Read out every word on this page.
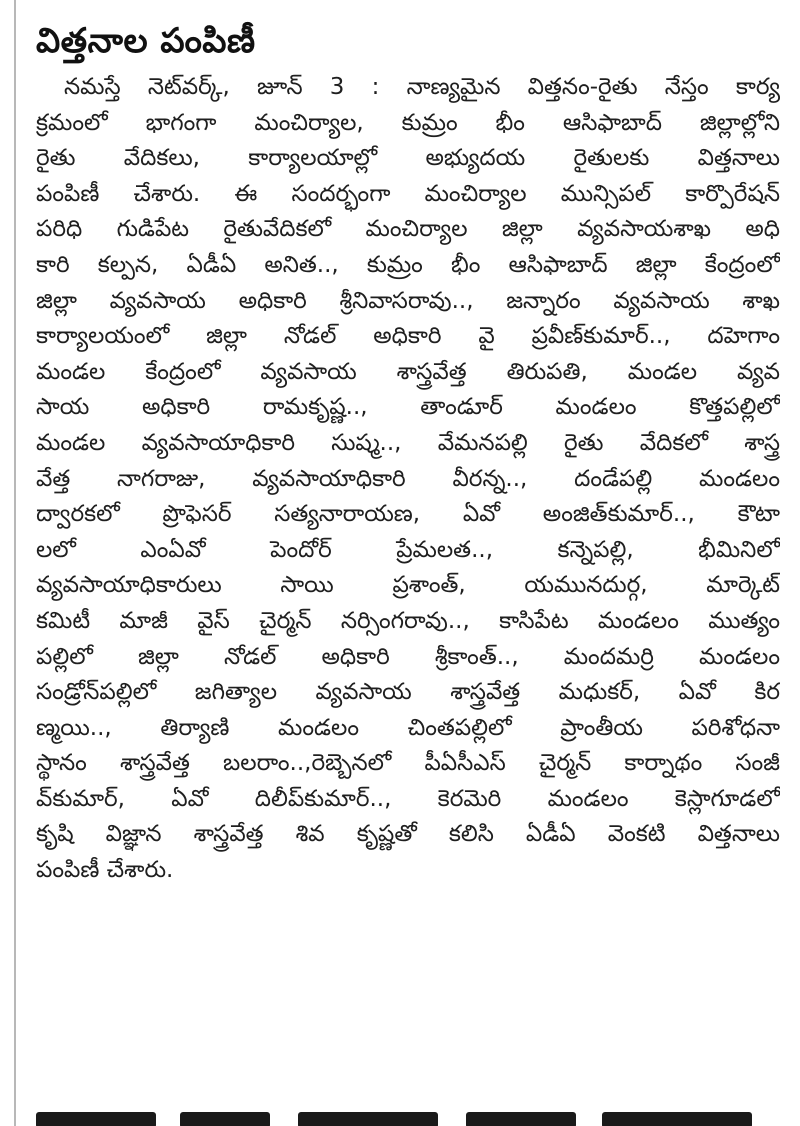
విత్తనాల పంపిణీ
నమస్తే నెట్‌వర్క్‌, జూన్‌ 3 : నాణ్యమైన విత్తనం-రైతు నేస్తం కార్య
క్రమంలో భాగంగా మంచిర్యాల, కుమ్రం భీం ఆసిఫాబాద్‌ జిల్లాల్లోని
రైతు వేదికలు, కార్యాలయాల్లో అభ్యుదయ రైతులకు విత్తనాలు
పంపిణీ చేశారు. ఈ సందర్భంగా మంచిర్యాల మున్సిపల్‌ కార్పొరేషన్‌
పరిధి గుడిపేట రైతువేదికలో మంచిర్యాల జిల్లా వ్యవసాయశాఖ అధి
కారి కల్పన, ఏడీఏ అనిత.., కుమ్రం భీం ఆసిఫాబాద్‌ జిల్లా కేంద్రంలో
జిల్లా వ్యవసాయ అధికారి శ్రీనివాసరావు.., జన్నారం వ్యవసాయ శాఖ
కార్యాలయంలో జిల్లా నోడల్‌ అధికారి వై ప్రవీణ్‌కుమార్‌.., దహెగాం
మండల కేంద్రంలో వ్యవసాయ శాస్త్రవేత్త తిరుపతి, మండల వ్యవ
సాయ అధికారి రామకృష్ణ.., తాండూర్‌ మండలం కొత్తపల్లిలో
మండల వ్యవసాయాధికారి సుష్మ.., వేమనపల్లి రైతు వేదికలో శాస్త్ర
వేత్త నాగరాజు, వ్యవసాయాధికారి వీరన్న.., దండేపల్లి మండలం
ద్వారకలో ప్రొఫెసర్‌ సత్యనారాయణ, ఏవో అంజిత్‌కుమార్‌.., కౌటా
లలో ఎంఏవో పెందోర్‌ ప్రేమలత.., కన్నెపల్లి, భీమినిలో
వ్యవసాయాధికారులు సాయి ప్రశాంత్‌, యమునదుర్గ, మార్కెట్‌
కమిటీ మాజీ వైస్‌ చైర్మన్‌ నర్సింగరావు.., కాసిపేట మండలం ముత్యం
పల్లిలో జిల్లా నోడల్‌ అధికారి శ్రీకాంత్‌.., మందమర్రి మండలం
సండ్రోన్‌పల్లిలో జగిత్యాల వ్యవసాయ శాస్త్రవేత్త మధుకర్‌, ఏవో కిర
ణ్మయి.., తిర్యాణి మండలం చింతపల్లిలో ప్రాంతీయ పరిశోధనా
స్థానం శాస్త్రవేత్త బలరాం..,రెబ్బెనలో పీఏసీఎస్‌ చైర్మన్‌ కార్నాథం సంజీ
వ్‌కుమార్‌, ఏవో దిలీప్‌కుమార్‌.., కెరమెరి మండలం కెస్లాగూడలో
కృషి విజ్ఞాన శాస్త్రవేత్త శివ కృష్ణతో కలిసి ఏడీఏ వెంకటి విత్తనాలు
పంపిణీ చేశారు.
